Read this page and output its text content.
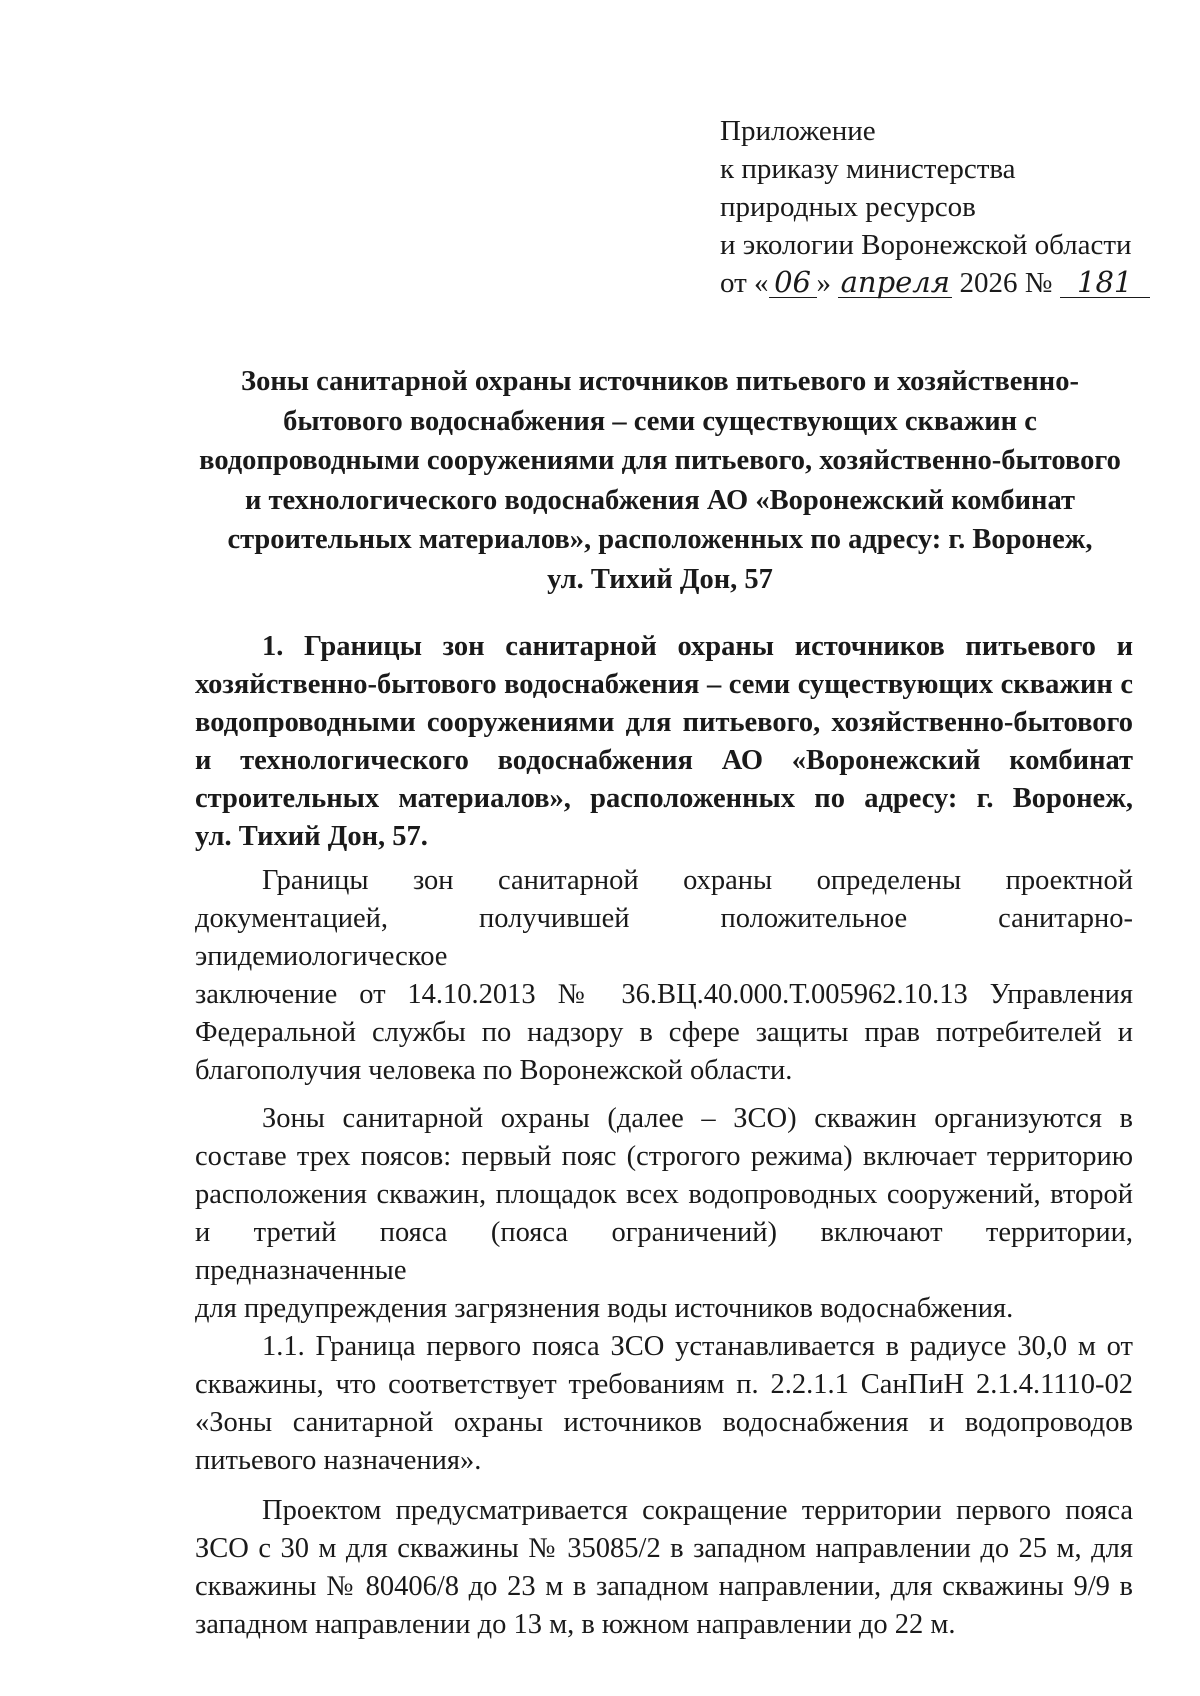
Приложение
к приказу министерства
природных ресурсов
и экологии Воронежской области
от « 06 » апреля 2026 № 181
Зоны санитарной охраны источников питьевого и хозяйственно-
бытового водоснабжения – семи существующих скважин с
водопроводными сооружениями для питьевого, хозяйственно-бытового
и технологического водоснабжения АО «Воронежский комбинат
строительных материалов», расположенных по адресу: г. Воронеж,
ул. Тихий Дон, 57
1. Границы зон санитарной охраны источников питьевого и
хозяйственно-бытового водоснабжения – семи существующих скважин с
водопроводными сооружениями для питьевого, хозяйственно-бытового
и технологического водоснабжения АО «Воронежский комбинат
строительных материалов», расположенных по адресу: г. Воронеж,
ул. Тихий Дон, 57.
Границы зон санитарной охраны определены проектной
документацией, получившей положительное санитарно-эпидемиологическое
заключение от 14.10.2013 № 36.ВЦ.40.000.Т.005962.10.13 Управления
Федеральной службы по надзору в сфере защиты прав потребителей и
благополучия человека по Воронежской области.
Зоны санитарной охраны (далее – ЗСО) скважин организуются в
составе трех поясов: первый пояс (строгого режима) включает территорию
расположения скважин, площадок всех водопроводных сооружений, второй
и третий пояса (пояса ограничений) включают территории, предназначенные
для предупреждения загрязнения воды источников водоснабжения.
1.1. Граница первого пояса ЗСО устанавливается в радиусе 30,0 м от
скважины, что соответствует требованиям п. 2.2.1.1 СанПиН 2.1.4.1110-02
«Зоны санитарной охраны источников водоснабжения и водопроводов
питьевого назначения».
Проектом предусматривается сокращение территории первого пояса
ЗСО с 30 м для скважины № 35085/2 в западном направлении до 25 м, для
скважины № 80406/8 до 23 м в западном направлении, для скважины 9/9 в
западном направлении до 13 м, в южном направлении до 22 м.
